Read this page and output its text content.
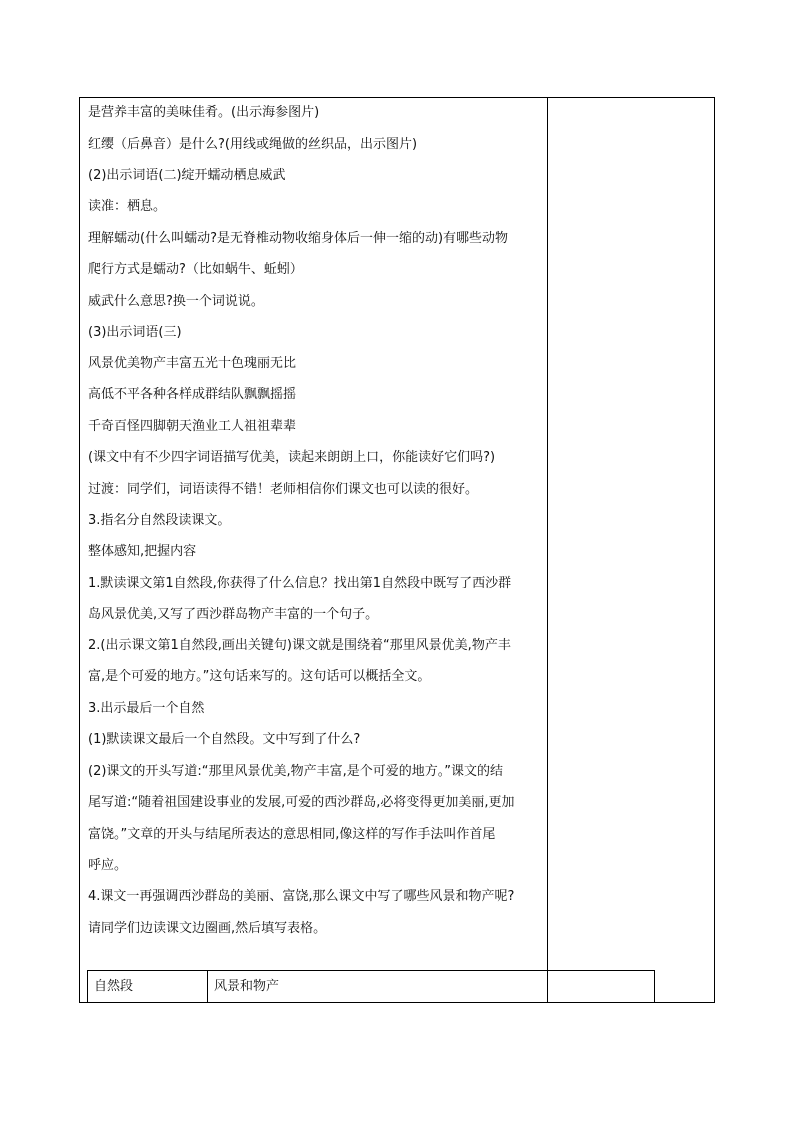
是营养丰富的美味佳肴。(出示海参图片)
红缨（后鼻音）是什么?(用线或绳做的丝织品，出示图片)
(2)出示词语(二)绽开蠕动栖息威武
读准：栖息。
理解蠕动(什么叫蠕动?是无脊椎动物收缩身体后一伸一缩的动)有哪些动物
爬行方式是蠕动?（比如蜗牛、蚯蚓）
威武什么意思?换一个词说说。
(3)出示词语(三)
风景优美物产丰富五光十色瑰丽无比
高低不平各种各样成群结队飘飘摇摇
千奇百怪四脚朝天渔业工人祖祖辈辈
(课文中有不少四字词语描写优美，读起来朗朗上口，你能读好它们吗?)
过渡：同学们，词语读得不错！老师相信你们课文也可以读的很好。
3.指名分自然段读课文。
整体感知,把握内容
1.默读课文第1自然段,你获得了什么信息？找出第1自然段中既写了西沙群
岛风景优美,又写了西沙群岛物产丰富的一个句子。
2.(出示课文第1自然段,画出关键句)课文就是围绕着“那里风景优美,物产丰
富,是个可爱的地方。”这句话来写的。这句话可以概括全文。
3.出示最后一个自然
(1)默读课文最后一个自然段。文中写到了什么?
(2)课文的开头写道:“那里风景优美,物产丰富,是个可爱的地方。”课文的结
尾写道:“随着祖国建设事业的发展,可爱的西沙群岛,必将变得更加美丽,更加
富饶。”文章的开头与结尾所表达的意思相同,像这样的写作手法叫作首尾
呼应。
4.课文一再强调西沙群岛的美丽、富饶,那么课文中写了哪些风景和物产呢?
请同学们边读课文边圈画,然后填写表格。
自然段	风景和物产
